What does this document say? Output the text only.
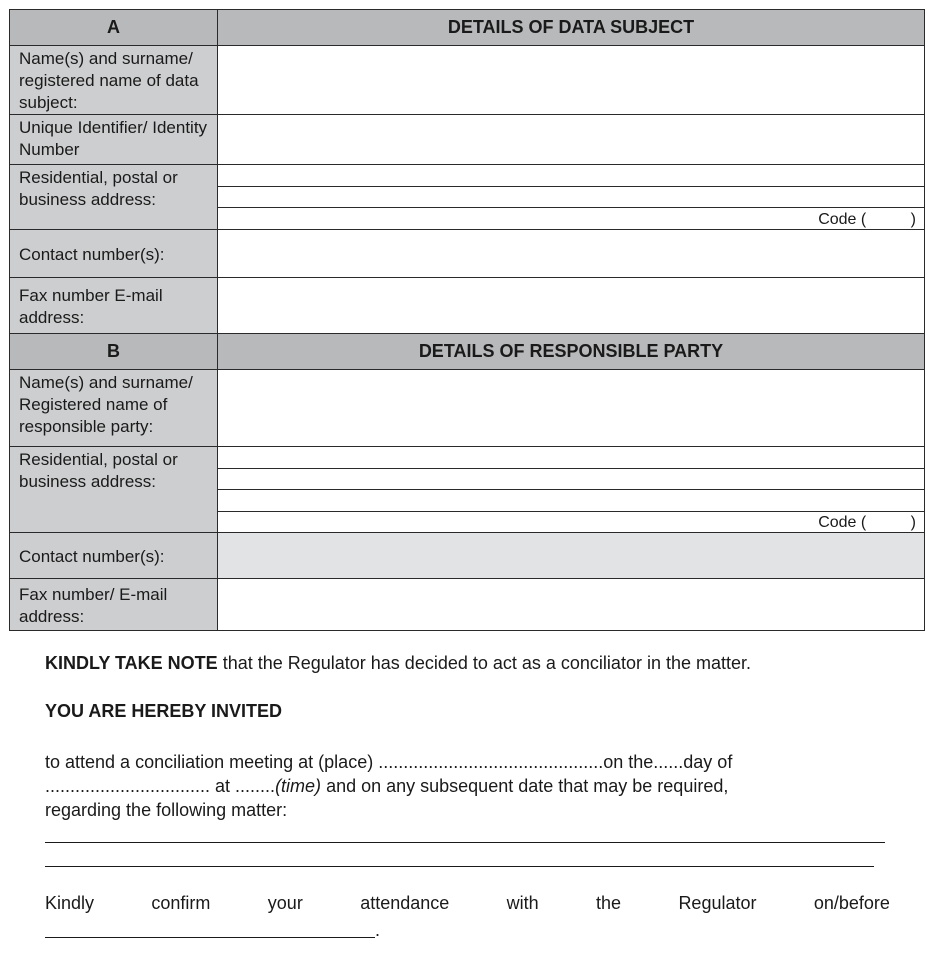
A	DETAILS OF DATA SUBJECT
Name(s) and surname/ registered name of data subject:	
Unique Identifier/ Identity Number	
Residential, postal or business address:	Code (          )

Contact number(s):	
Fax number E-mail address:	
B	DETAILS OF RESPONSIBLE PARTY
Name(s) and surname/ Registered name of responsible party:	
Residential, postal or business address:	Code (          )

Contact number(s):	
Fax number/ E-mail address:	
KINDLY TAKE NOTE that the Regulator has decided to act as a conciliator in the matter.
YOU ARE HEREBY INVITED
to attend a conciliation meeting at (place) .............................................on the......day of
................................. at ........(time) and on any subsequent date that may be required,
regarding the following matter:
Kindly	confirm	your	attendance	with	the	Regulator	on/before
.
